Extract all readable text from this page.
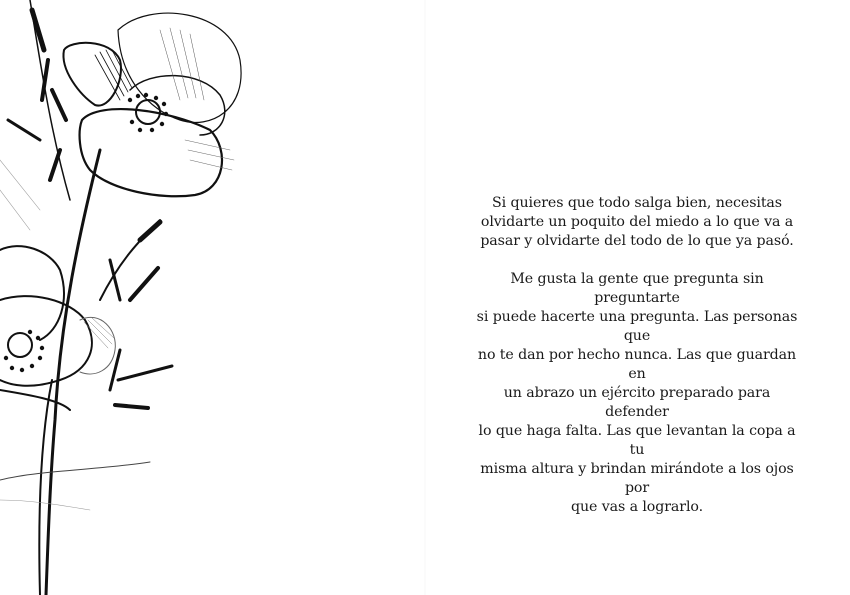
Si quieres que todo salga bien, necesitas
olvidarte un poquito del miedo a lo que va a
pasar y olvidarte del todo de lo que ya pasó.

Me gusta la gente que pregunta sin preguntarte
si puede hacerte una pregunta. Las personas que
no te dan por hecho nunca. Las que guardan en
un abrazo un ejército preparado para defender
lo que haga falta. Las que levantan la copa a tu
misma altura y brindan mirándote a los ojos por
que vas a lograrlo.
